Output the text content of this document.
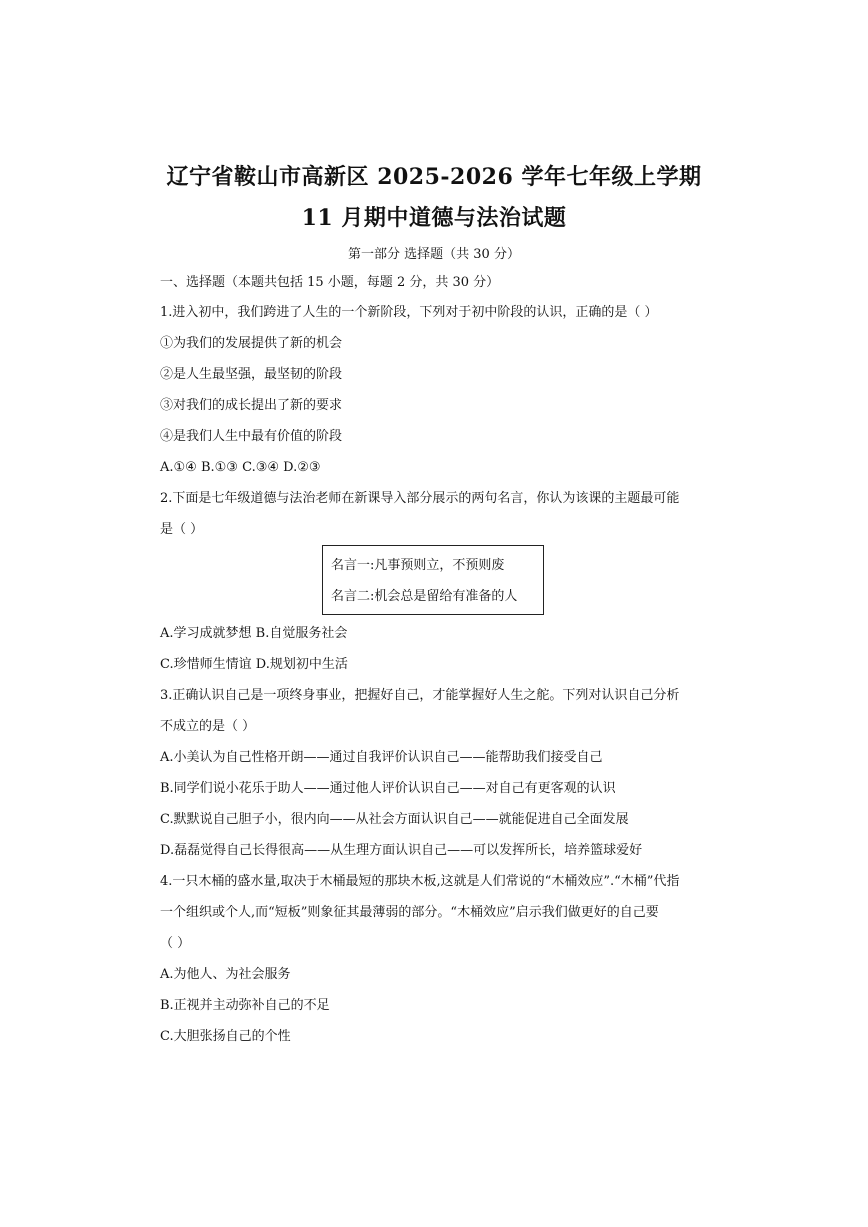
辽宁省鞍山市高新区 2025-2026 学年七年级上学期
11 月期中道德与法治试题
第一部分 选择题（共 30 分）
一、选择题（本题共包括 15 小题，每题 2 分，共 30 分）
1.进入初中，我们跨进了人生的一个新阶段，下列对于初中阶段的认识，正确的是（ ）
①为我们的发展提供了新的机会
②是人生最坚强，最坚韧的阶段
③对我们的成长提出了新的要求
④是我们人生中最有价值的阶段
A.①④ B.①③ C.③④ D.②③
2.下面是七年级道德与法治老师在新课导入部分展示的两句名言，你认为该课的主题最可能
是（ ）
名言一:凡事预则立，不预则废
名言二:机会总是留给有准备的人
A.学习成就梦想 B.自觉服务社会
C.珍惜师生情谊 D.规划初中生活
3.正确认识自己是一项终身事业，把握好自己，才能掌握好人生之舵。下列对认识自己分析
不成立的是（ ）
A.小美认为自己性格开朗——通过自我评价认识自己——能帮助我们接受自己
B.同学们说小花乐于助人——通过他人评价认识自己——对自己有更客观的认识
C.默默说自己胆子小，很内向——从社会方面认识自己——就能促进自己全面发展
D.磊磊觉得自己长得很高——从生理方面认识自己——可以发挥所长，培养篮球爱好
4.一只木桶的盛水量,取决于木桶最短的那块木板,这就是人们常说的“木桶效应”.“木桶”代指
一个组织或个人,而“短板”则象征其最薄弱的部分。“木桶效应”启示我们做更好的自己要
（ ）
A.为他人、为社会服务
B.正视并主动弥补自己的不足
C.大胆张扬自己的个性
